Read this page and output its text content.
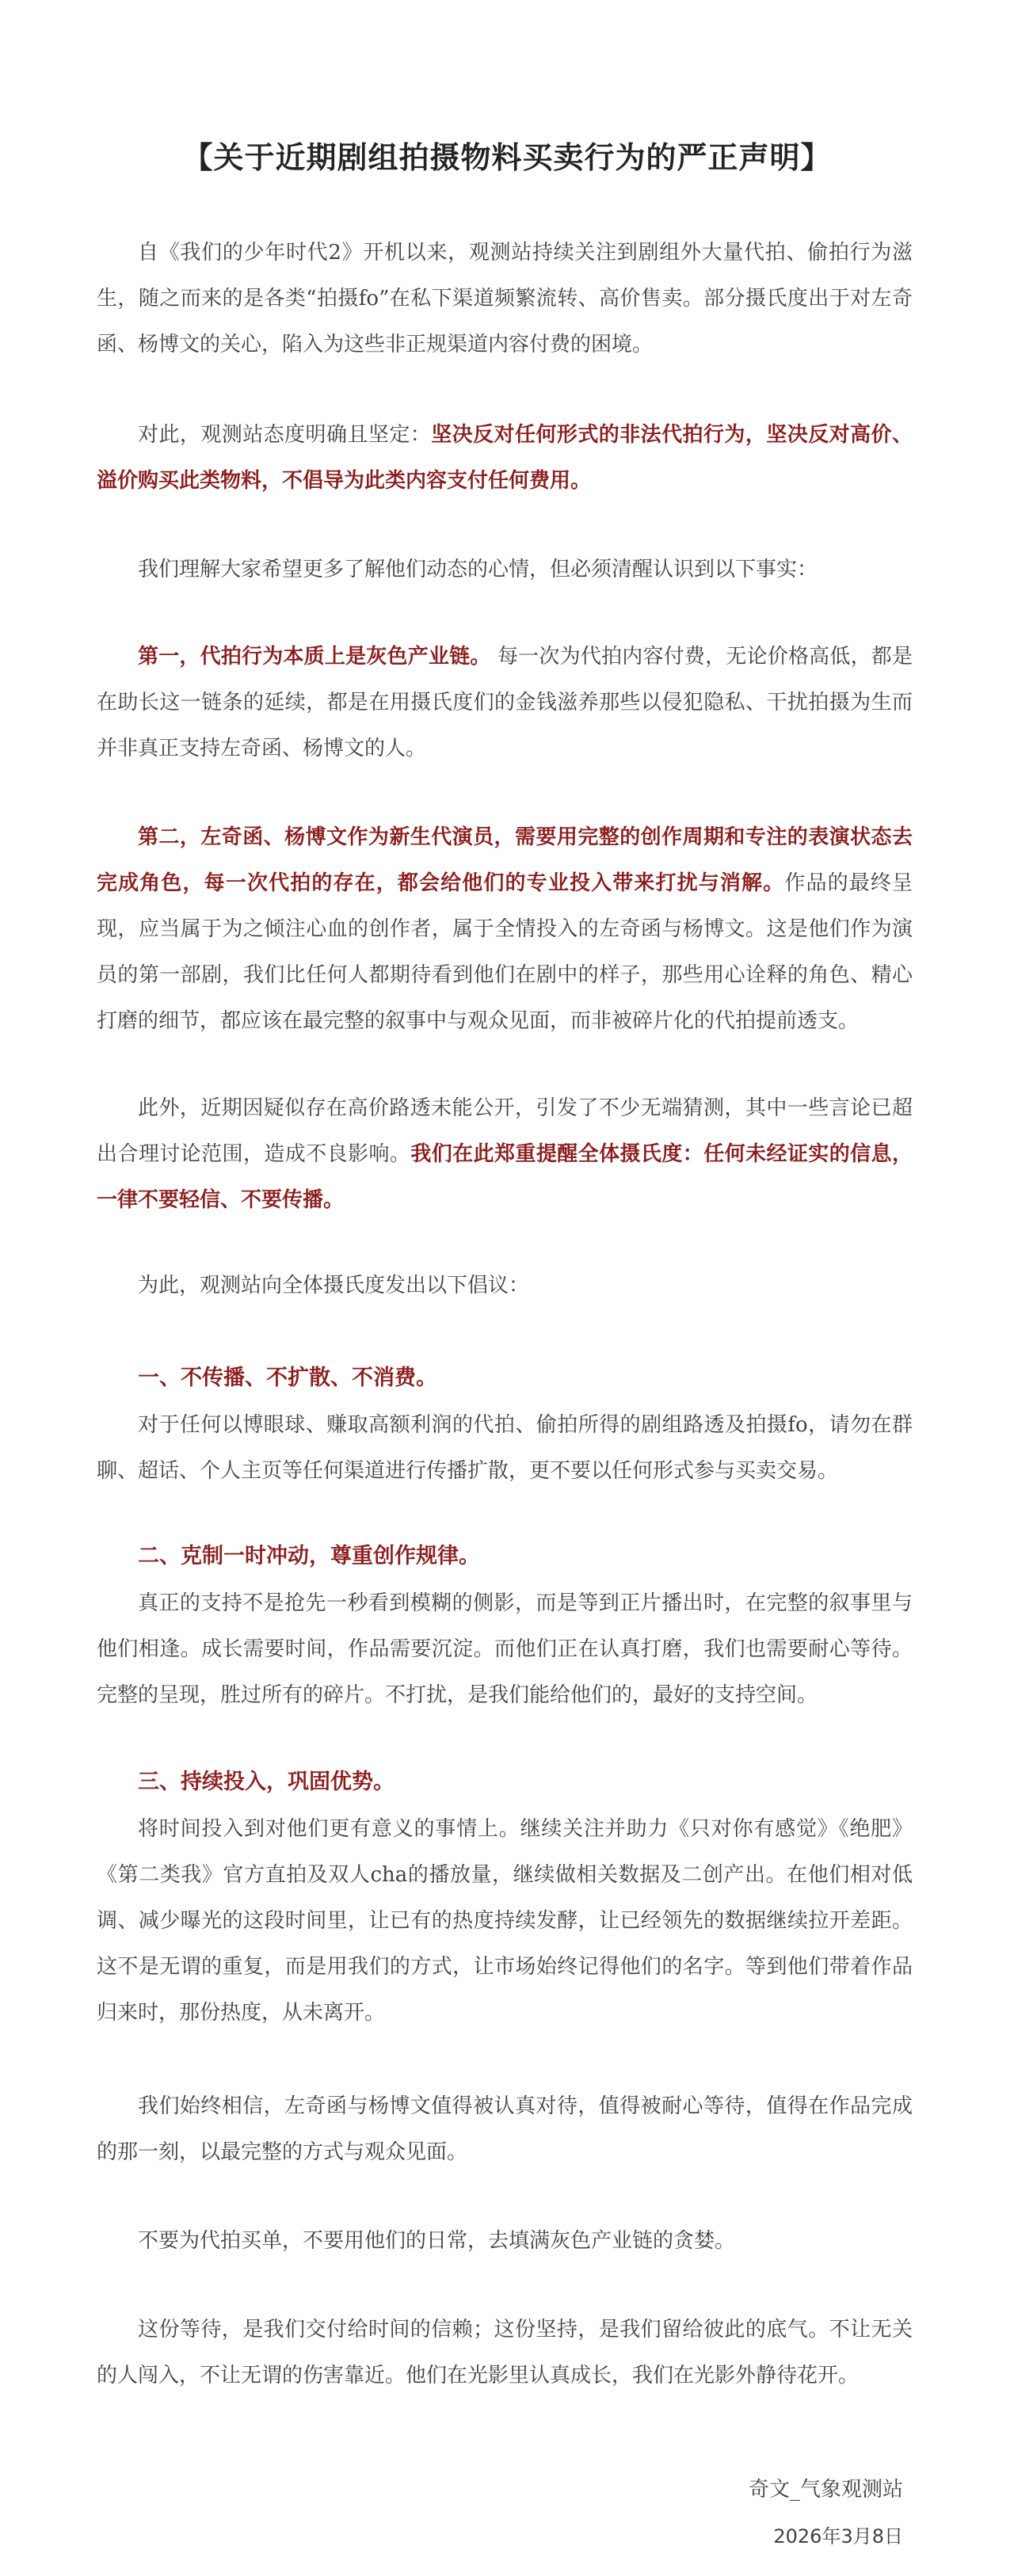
【关于近期剧组拍摄物料买卖行为的严正声明】
自《我们的少年时代2》开机以来，观测站持续关注到剧组外大量代拍、偷拍行为滋生，随之而来的是各类“拍摄fo”在私下渠道频繁流转、高价售卖。部分摄氏度出于对左奇函、杨博文的关心，陷入为这些非正规渠道内容付费的困境。
对此，观测站态度明确且坚定：坚决反对任何形式的非法代拍行为，坚决反对高价、溢价购买此类物料，不倡导为此类内容支付任何费用。
我们理解大家希望更多了解他们动态的心情，但必须清醒认识到以下事实：
第一，代拍行为本质上是灰色产业链。 每一次为代拍内容付费，无论价格高低，都是在助长这一链条的延续，都是在用摄氏度们的金钱滋养那些以侵犯隐私、干扰拍摄为生而并非真正支持左奇函、杨博文的人。
第二，左奇函、杨博文作为新生代演员，需要用完整的创作周期和专注的表演状态去完成角色，每一次代拍的存在，都会给他们的专业投入带来打扰与消解。作品的最终呈现，应当属于为之倾注心血的创作者，属于全情投入的左奇函与杨博文。这是他们作为演员的第一部剧，我们比任何人都期待看到他们在剧中的样子，那些用心诠释的角色、精心打磨的细节，都应该在最完整的叙事中与观众见面，而非被碎片化的代拍提前透支。
此外，近期因疑似存在高价路透未能公开，引发了不少无端猜测，其中一些言论已超出合理讨论范围，造成不良影响。我们在此郑重提醒全体摄氏度：任何未经证实的信息，一律不要轻信、不要传播。
为此，观测站向全体摄氏度发出以下倡议：
一、不传播、不扩散、不消费。
对于任何以博眼球、赚取高额利润的代拍、偷拍所得的剧组路透及拍摄fo，请勿在群聊、超话、个人主页等任何渠道进行传播扩散，更不要以任何形式参与买卖交易。
二、克制一时冲动，尊重创作规律。
真正的支持不是抢先一秒看到模糊的侧影，而是等到正片播出时，在完整的叙事里与他们相逢。成长需要时间，作品需要沉淀。而他们正在认真打磨，我们也需要耐心等待。完整的呈现，胜过所有的碎片。不打扰，是我们能给他们的，最好的支持空间。
三、持续投入，巩固优势。
将时间投入到对他们更有意义的事情上。继续关注并助力《只对你有感觉》《绝肥》《第二类我》官方直拍及双人cha的播放量，继续做相关数据及二创产出。在他们相对低调、减少曝光的这段时间里，让已有的热度持续发酵，让已经领先的数据继续拉开差距。这不是无谓的重复，而是用我们的方式，让市场始终记得他们的名字。等到他们带着作品归来时，那份热度，从未离开。
我们始终相信，左奇函与杨博文值得被认真对待，值得被耐心等待，值得在作品完成的那一刻，以最完整的方式与观众见面。
不要为代拍买单，不要用他们的日常，去填满灰色产业链的贪婪。
这份等待，是我们交付给时间的信赖；这份坚持，是我们留给彼此的底气。不让无关的人闯入，不让无谓的伤害靠近。他们在光影里认真成长，我们在光影外静待花开。
奇文_气象观测站
2026年3月8日
